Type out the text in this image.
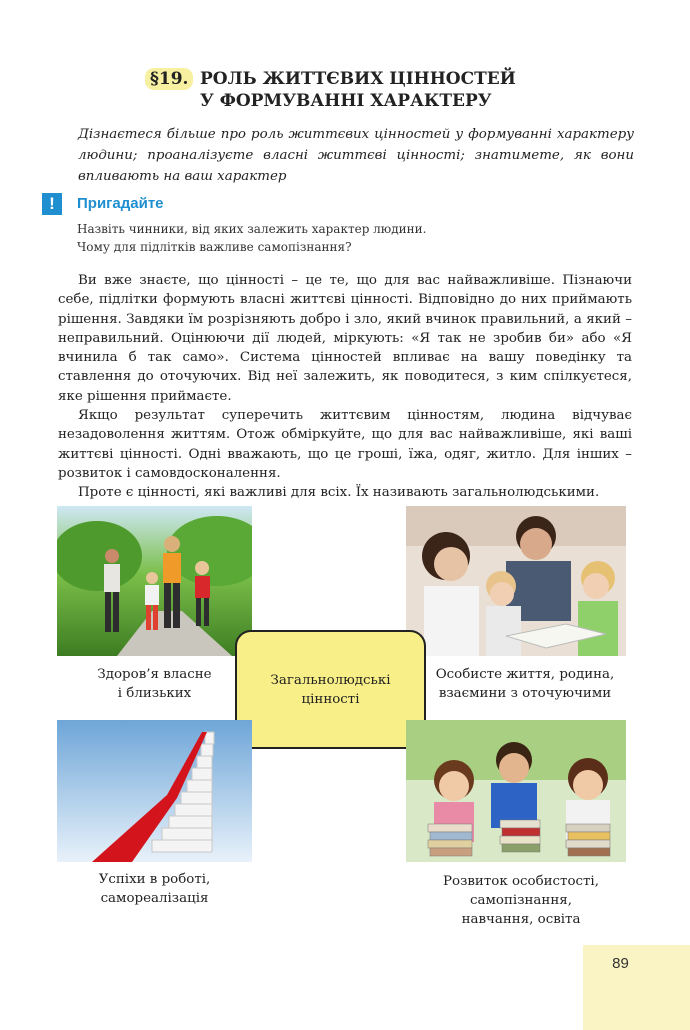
§19. РОЛЬ ЖИТТЄВИХ ЦІННОСТЕЙ
У ФОРМУВАННІ ХАРАКТЕРУ
Дізнаєтеся більше про роль життєвих цінностей у формуванні характеру людини; проаналізуєте власні життєві цінності; знатимете, як вони впливають на ваш характер
!	Пригадайте
Назвіть чинники, від яких залежить характер людини.
Чому для підлітків важливе самопізнання?

Ви вже знаєте, що цінності – це те, що для вас найважливіше. Пізнаючи себе, підлітки формують власні життєві цінності. Відповідно до них приймають рішення. Завдяки їм розрізняють добро і зло, який вчинок правильний, а який – неправильний. Оцінюючи дії людей, міркують: «Я так не зробив би» або «Я вчинила б так само». Система цінностей впливає на вашу поведінку та ставлення до оточуючих. Від неї залежить, як поводитеся, з ким спілкуєтеся, яке рішення приймаєте.

Якщо результат суперечить життєвим цінностям, людина відчуває незадоволення життям. Отож обміркуйте, що для вас найважливіше, які ваші життєві цінності. Одні вважають, що це гроші, їжа, одяг, житло. Для інших – розвиток і самовдосконалення.

Проте є цінності, які важливі для всіх. Їх називають загальнолюдськими.

Загальнолюдські
цінності
Здоров’я власне
і близьких
Особисте життя, родина,
взаємини з оточуючими
Успіхи в роботі,
самореалізація
Розвиток особистості,
самопізнання,
навчання, освіта
89
